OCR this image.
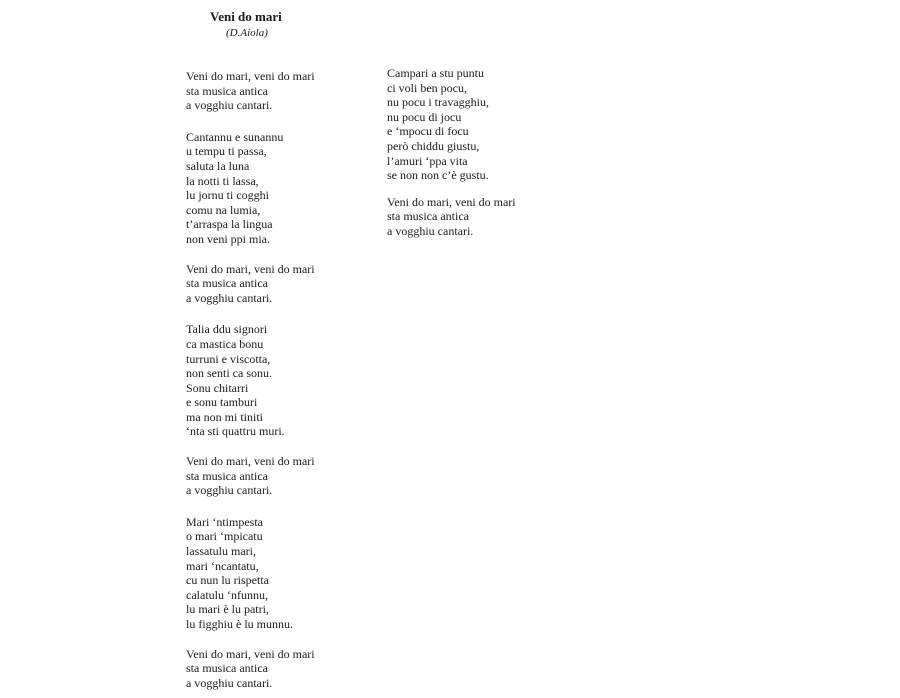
Veni do mari
(D.Aiola)
Veni do mari, veni do mari
sta musica antica
a vogghiu cantari.
Cantannu e sunannu
u tempu ti passa,
saluta la luna
la notti ti lassa,
lu jornu ti cogghi
comu na lumia,
t’arraspa la lingua
non veni ppi mia.
Veni do mari, veni do mari
sta musica antica
a vogghiu cantari.
Talia ddu signori
ca mastica bonu
turruni e viscotta,
non senti ca sonu.
Sonu chitarri
e sonu tamburi
ma non mi tiniti
‘nta sti quattru muri.
Veni do mari, veni do mari
sta musica antica
a vogghiu cantari.
Mari ‘ntimpesta
o mari ‘mpicatu
lassatulu mari,
mari ‘ncantatu,
cu nun lu rispetta
calatulu ‘nfunnu,
lu mari è lu patri,
lu figghiu è lu munnu.
Veni do mari, veni do mari
sta musica antica
a vogghiu cantari.
Campari a stu puntu
ci voli ben pocu,
nu pocu i travagghiu,
nu pocu di jocu
e ‘mpocu di focu
però chiddu giustu,
l’amuri ‘ppa vita
se non non c’è gustu.
Veni do mari, veni do mari
sta musica antica
a vogghiu cantari.
